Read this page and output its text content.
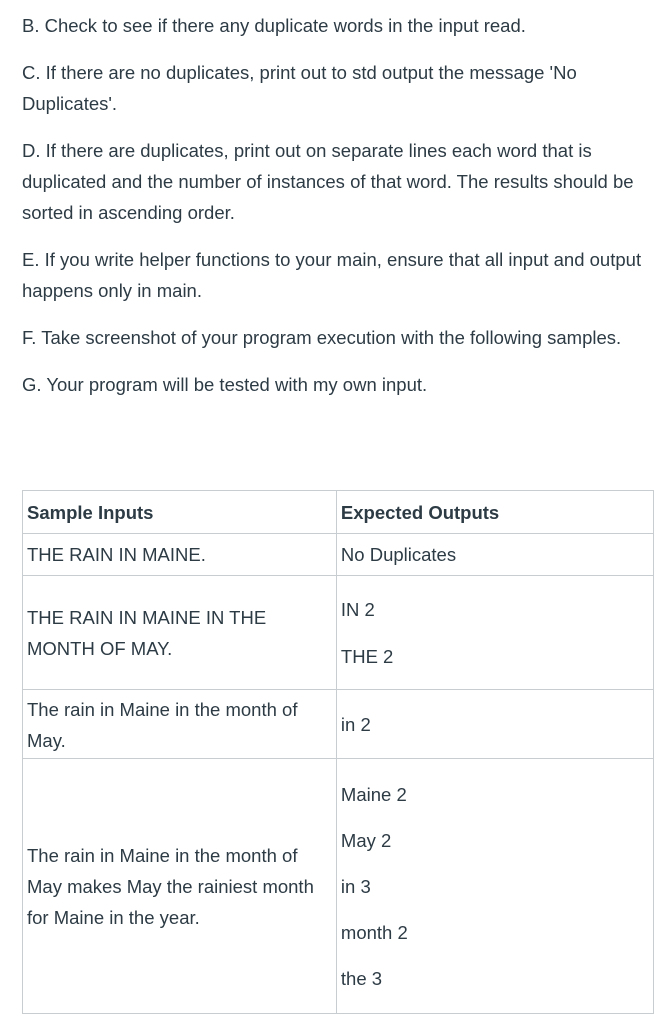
B. Check to see if there any duplicate words in the input read.

C. If there are no duplicates, print out to std output the message 'No Duplicates'.

D. If there are duplicates, print out on separate lines each word that is duplicated and the number of instances of that word. The results should be sorted in ascending order.

E. If you write helper functions to your main, ensure that all input and output happens only in main.

F. Take screenshot of your program execution with the following samples.

G. Your program will be tested with my own input.

Sample Inputs	Expected Outputs
THE RAIN IN MAINE.	No Duplicates

THE RAIN IN MAINE IN THE MONTH OF MAY.	IN 2
THE 2

The rain in Maine in the month of May.	in 2

The rain in Maine in the month of May makes May the rainiest month for Maine in the year.	Maine 2
May 2
in 3
month 2
the 3
